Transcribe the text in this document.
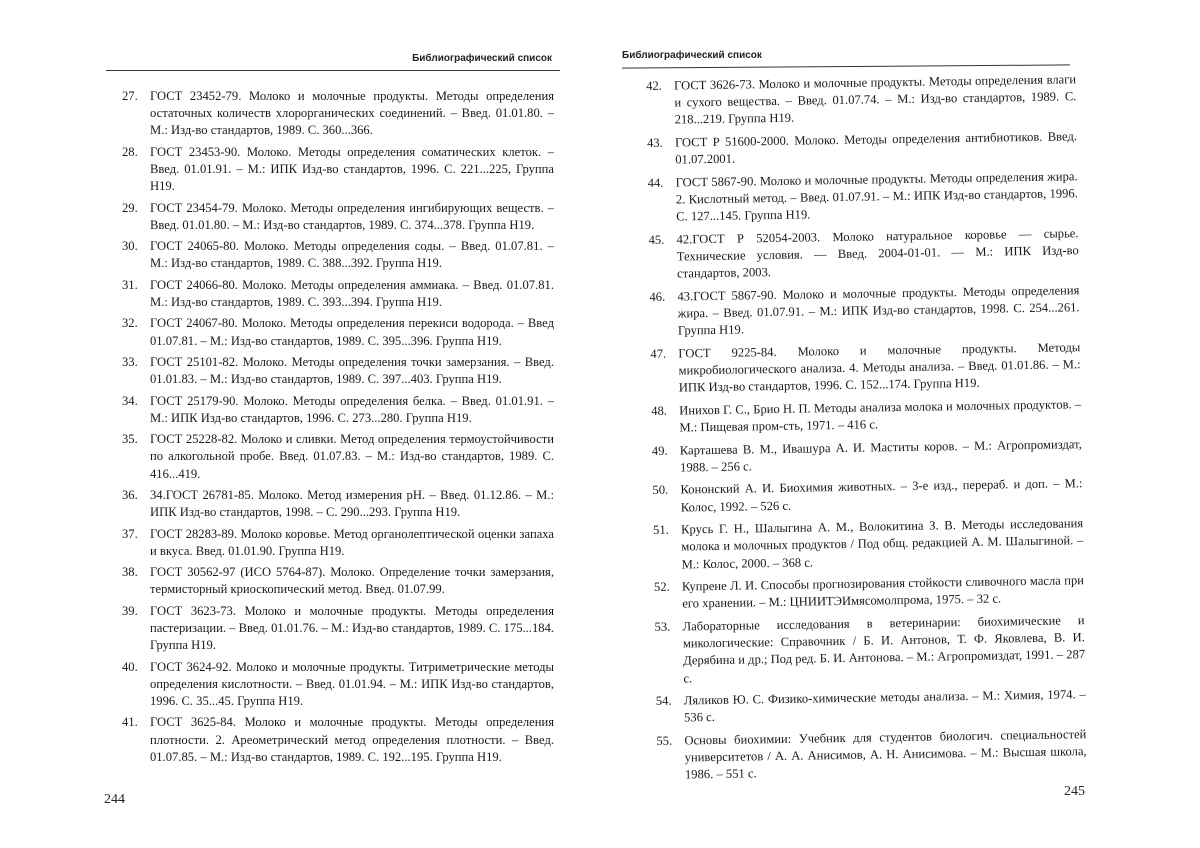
Библиографический список
27. ГОСТ 23452-79. Молоко и молочные продукты. Методы определения остаточных количеств хлорорганических соединений. – Введ. 01.01.80. – М.: Изд-во стандартов, 1989. С. 360...366.
28. ГОСТ 23453-90. Молоко. Методы определения соматических клеток. – Введ. 01.01.91. – М.: ИПК Изд-во стандартов, 1996. С. 221...225, Группа Н19.
29. ГОСТ 23454-79. Молоко. Методы определения ингибирующих веществ. – Введ. 01.01.80. – М.: Изд-во стандартов, 1989. С. 374...378. Группа Н19.
30. ГОСТ 24065-80. Молоко. Методы определения соды. – Введ. 01.07.81. – М.: Изд-во стандартов, 1989. С. 388...392. Группа Н19.
31. ГОСТ 24066-80. Молоко. Методы определения аммиака. – Введ. 01.07.81. М.: Изд-во стандартов, 1989. С. 393...394. Группа Н19.
32. ГОСТ 24067-80. Молоко. Методы определения перекиси водорода. – Введ 01.07.81. – М.: Изд-во стандартов, 1989. С. 395...396. Группа Н19.
33. ГОСТ 25101-82. Молоко. Методы определения точки замерзания. – Введ. 01.01.83. – М.: Изд-во стандартов, 1989. С. 397...403. Группа Н19.
34. ГОСТ 25179-90. Молоко. Методы определения белка. – Введ. 01.01.91. – М.: ИПК Изд-во стандартов, 1996. С. 273...280. Группа Н19.
35. ГОСТ 25228-82. Молоко и сливки. Метод определения термоустойчивости по алкогольной пробе. Введ. 01.07.83. – М.: Изд-во стандартов, 1989. С. 416...419.
36. 34.ГОСТ 26781-85. Молоко. Метод измерения рН. – Введ. 01.12.86. – М.: ИПК Изд-во стандартов, 1998. – С. 290...293. Группа Н19.
37. ГОСТ 28283-89. Молоко коровье. Метод органолептической оценки запаха и вкуса. Введ. 01.01.90. Группа Н19.
38. ГОСТ 30562-97 (ИСО 5764-87). Молоко. Определение точки замерзания, термисторный криоскопический метод. Введ. 01.07.99.
39. ГОСТ 3623-73. Молоко и молочные продукты. Методы определения пастеризации. – Введ. 01.01.76. – М.: Изд-во стандартов, 1989. С. 175...184. Группа Н19.
40. ГОСТ 3624-92. Молоко и молочные продукты. Титриметрические методы определения кислотности. – Введ. 01.01.94. – М.: ИПК Изд-во стандартов, 1996. С. 35...45. Группа Н19.
41. ГОСТ 3625-84. Молоко и молочные продукты. Методы определения плотности. 2. Ареометрический метод определения плотности. – Введ. 01.07.85. – М.: Изд-во стандартов, 1989. С. 192...195. Группа Н19.
244
Библиографический список
42. ГОСТ 3626-73. Молоко и молочные продукты. Методы определения влаги и сухого вещества. – Введ. 01.07.74. – М.: Изд-во стандартов, 1989. С. 218...219. Группа Н19.
43. ГОСТ Р 51600-2000. Молоко. Методы определения антибиотиков. Введ. 01.07.2001.
44. ГОСТ 5867-90. Молоко и молочные продукты. Методы определения жира. 2. Кислотный метод. – Введ. 01.07.91. – М.: ИПК Изд-во стандартов, 1996. С. 127...145. Группа Н19.
45. 42.ГОСТ Р 52054-2003. Молоко натуральное коровье — сырье. Технические условия. — Введ. 2004-01-01. — М.: ИПК Изд-во стандартов, 2003.
46. 43.ГОСТ 5867-90. Молоко и молочные продукты. Методы определения жира. – Введ. 01.07.91. – М.: ИПК Изд-во стандартов, 1998. С. 254...261. Группа Н19.
47. ГОСТ 9225-84. Молоко и молочные продукты. Методы микробиологического анализа. 4. Методы анализа. – Введ. 01.01.86. – М.: ИПК Изд-во стандартов, 1996. С. 152...174. Группа Н19.
48. Инихов Г. С., Брио Н. П. Методы анализа молока и молочных продуктов. – М.: Пищевая пром-сть, 1971. – 416 с.
49. Карташева В. М., Ивашура А. И. Маститы коров. – М.: Агропромиздат, 1988. – 256 с.
50. Кононский А. И. Биохимия животных. – 3-е изд., перераб. и доп. – М.: Колос, 1992. – 526 с.
51. Крусь Г. Н., Шалыгина А. М., Волокитина З. В. Методы исследования молока и молочных продуктов / Под общ. редакцией А. М. Шалыгиной. – М.: Колос, 2000. – 368 с.
52. Купрене Л. И. Способы прогнозирования стойкости сливочного масла при его хранении. – М.: ЦНИИТЭИмясомолпрома, 1975. – 32 с.
53. Лабораторные исследования в ветеринарии: биохимические и микологические: Справочник / Б. И. Антонов, Т. Ф. Яковлева, В. И. Дерябина и др.; Под ред. Б. И. Антонова. – М.: Агропромиздат, 1991. – 287 с.
54. Ляликов Ю. С. Физико-химические методы анализа. – М.: Химия, 1974. – 536 с.
55. Основы биохимии: Учебник для студентов биологич. специальностей университетов / А. А. Анисимов, А. Н. Анисимова. – М.: Высшая школа, 1986. – 551 с.
245
